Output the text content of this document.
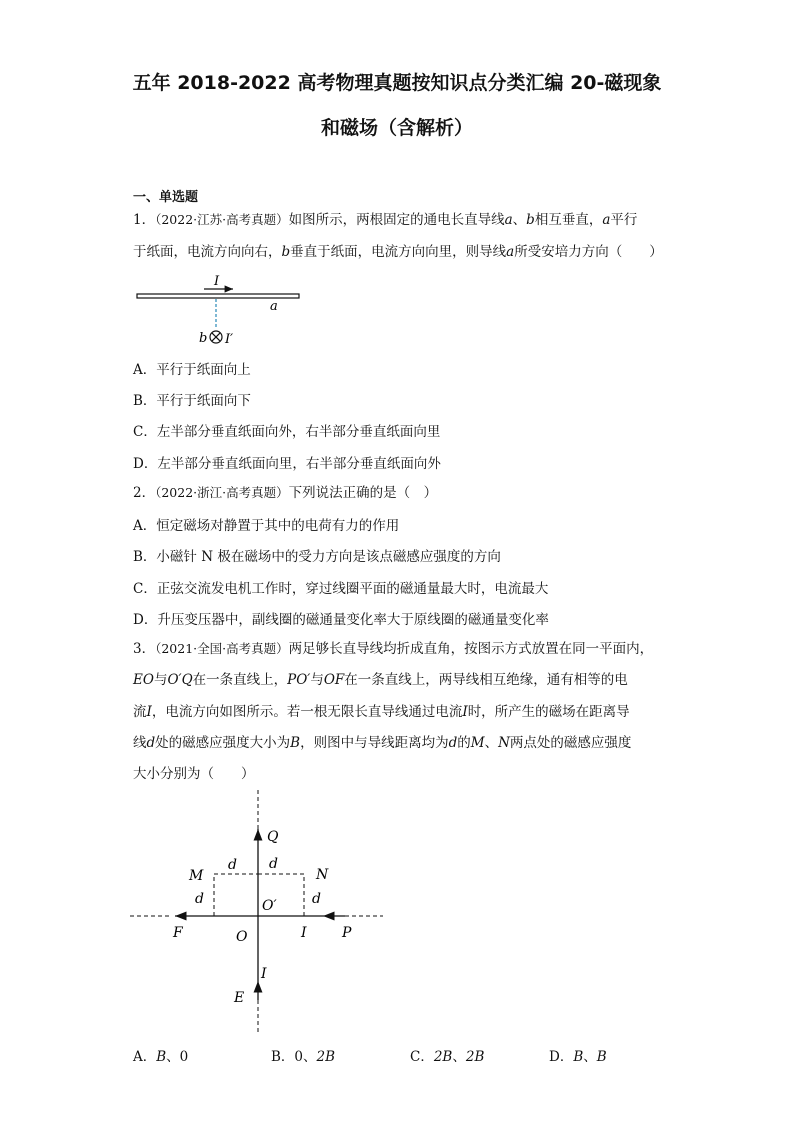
五年 2018-2022 高考物理真题按知识点分类汇编 20-磁现象
和磁场（含解析）
一、单选题
1．（2022·江苏·高考真题）如图所示，两根固定的通电长直导线a、b相互垂直，a平行
于纸面，电流方向向右，b垂直于纸面，电流方向向里，则导线a所受安培力方向（　　）
I
a
b I′
A．平行于纸面向上
B．平行于纸面向下
C．左半部分垂直纸面向外，右半部分垂直纸面向里
D．左半部分垂直纸面向里，右半部分垂直纸面向外
2．（2022·浙江·高考真题）下列说法正确的是（　）
A．恒定磁场对静置于其中的电荷有力的作用
B．小磁针 N 极在磁场中的受力方向是该点磁感应强度的方向
C．正弦交流发电机工作时，穿过线圈平面的磁通量最大时，电流最大
D．升压变压器中，副线圈的磁通量变化率大于原线圈的磁通量变化率
3．（2021·全国·高考真题）两足够长直导线均折成直角，按图示方式放置在同一平面内，
EO与O′Q在一条直线上，PO′与OF在一条直线上，两导线相互绝缘，通有相等的电
流I，电流方向如图所示。若一根无限长直导线通过电流I时，所产生的磁场在距离导
线d处的磁感应强度大小为B，则图中与导线距离均为d的M、N两点处的磁感应强度
大小分别为（　　）
Q
d d
M	N
d	d
O′
F	O	I	P
I
E
A．B、0	B．0、2B	C．2B、2B	D．B、B
